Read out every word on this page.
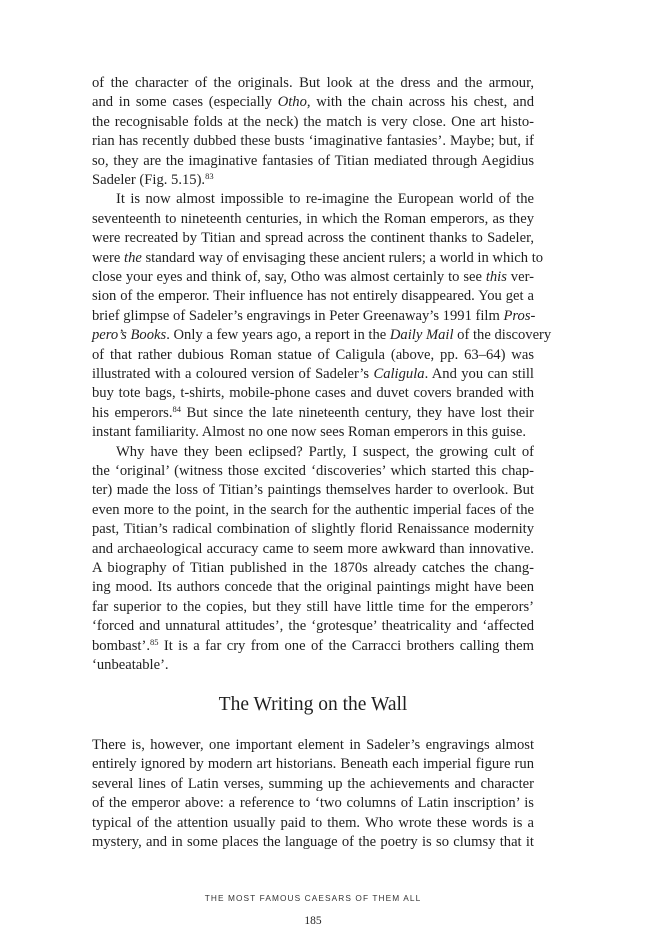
of the character of the originals. But look at the dress and the armour,
and in some cases (especially Otho, with the chain across his chest, and
the recognisable folds at the neck) the match is very close. One art histo-
rian has recently dubbed these busts ‘imaginative fantasies’. Maybe; but, if
so, they are the imaginative fantasies of Titian mediated through Aegidius
Sadeler (Fig. 5.15).$^{83}$
It is now almost impossible to re-imagine the European world of the
seventeenth to nineteenth centuries, in which the Roman emperors, as they
were recreated by Titian and spread across the continent thanks to Sadeler,
were the standard way of envisaging these ancient rulers; a world in which to
close your eyes and think of, say, Otho was almost certainly to see this ver-
sion of the emperor. Their influence has not entirely disappeared. You get a
brief glimpse of Sadeler’s engravings in Peter Greenaway’s 1991 film Pros-
pero’s Books. Only a few years ago, a report in the Daily Mail of the discovery
of that rather dubious Roman statue of Caligula (above, pp. 63–64) was
illustrated with a coloured version of Sadeler’s Caligula. And you can still
buy tote bags, t-shirts, mobile-phone cases and duvet covers branded with
his emperors.$^{84}$ But since the late nineteenth century, they have lost their
instant familiarity. Almost no one now sees Roman emperors in this guise.
Why have they been eclipsed? Partly, I suspect, the growing cult of
the ‘original’ (witness those excited ‘discoveries’ which started this chap-
ter) made the loss of Titian’s paintings themselves harder to overlook. But
even more to the point, in the search for the authentic imperial faces of the
past, Titian’s radical combination of slightly florid Renaissance modernity
and archaeological accuracy came to seem more awkward than innovative.
A biography of Titian published in the 1870s already catches the chang-
ing mood. Its authors concede that the original paintings might have been
far superior to the copies, but they still have little time for the emperors’
‘forced and unnatural attitudes’, the ‘grotesque’ theatricality and ‘affected
bombast’.$^{85}$ It is a far cry from one of the Carracci brothers calling them
‘unbeatable’.
The Writing on the Wall
There is, however, one important element in Sadeler’s engravings almost
entirely ignored by modern art historians. Beneath each imperial figure run
several lines of Latin verses, summing up the achievements and character
of the emperor above: a reference to ‘two columns of Latin inscription’ is
typical of the attention usually paid to them. Who wrote these words is a
mystery, and in some places the language of the poetry is so clumsy that it
THE MOST FAMOUS CAESARS OF THEM ALL
185
